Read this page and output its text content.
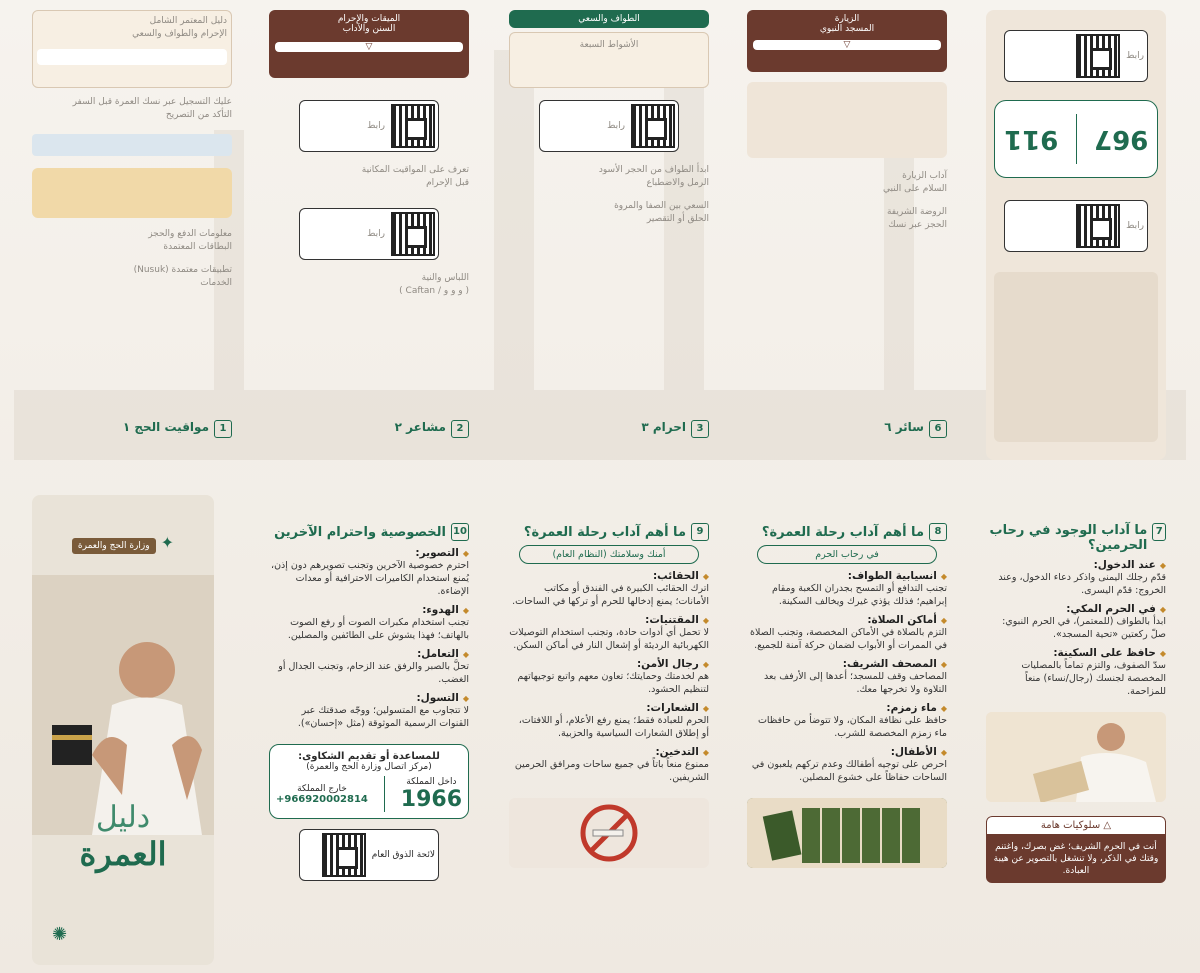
ﺩﻟﻴﻞ ﺍﻟﻤﻌﺘﻤﺮ ﺍﻟﺸﺎﻣﻞ
ﺍﻹﺣﺮﺍﻡ ﻭﺍﻟﻄﻮﺍﻑ ﻭﺍﻟﺴﻌﻲ
ﻋﻠﻴﻚ ﺍﻟﺘﺴﺠﻴﻞ ﻋﺒﺮ ﻧﺴﻚ ﺍﻟﻌﻤﺮﺓ ﻗﺒﻞ ﺍﻟﺴﻔﺮ
ﺍﻟﺘﺄﻛﺪ ﻣﻦ ﺍﻟﺘﺼﺮﻳﺢ
ﻣﻌﻠﻮﻣﺎﺕ ﺍﻟﺪﻓﻊ ﻭﺍﻟﺤﺠﺰ
ﺍﻟﺒﻄﺎﻗﺎﺕ ﺍﻟﻤﻌﺘﻤﺪﺓ
ﺗﻄﺒﻴﻘﺎﺕ ﻣﻌﺘﻤﺪﺓ (Nusuk)
ﺍﻟﺨﺪﻣﺎﺕ
1ﻣﻮﺍﻗﻴﺖ ﺍﻟﺤﺞ ١
ﺍﻟﻤﻴﻘﺎﺕ ﻭﺍﻹﺣﺮﺍﻡ
ﺍﻟﺴﻨﻦ ﻭﺍﻵﺩﺍﺏ
▽
ﺭﺍﺑﻂ
ﺗﻌﺮﻑ ﻋﻠﻰ ﺍﻟﻤﻮﺍﻗﻴﺖ ﺍﻟﻤﻜﺎﻧﻴﺔ
ﻗﺒﻞ ﺍﻹﺣﺮﺍﻡ
ﺭﺍﺑﻂ
ﺍﻟﻠﺒﺎﺱ ﻭﺍﻟﻨﻴﺔ
( ﻭ ﻭ ﻭ / Caftan )
2ﻣﺸﺎﻋﺮ ٢
ﺍﻟﻄﻮﺍﻑ ﻭﺍﻟﺴﻌﻲ
ﺍﻷﺷﻮﺍﻁ ﺍﻟﺴﺒﻌﺔ
ﺭﺍﺑﻂ
ﺍﺑﺪﺃ ﺍﻟﻄﻮﺍﻑ ﻣﻦ ﺍﻟﺤﺠﺮ ﺍﻷﺳﻮﺩ
ﺍﻟﺮﻣﻞ ﻭﺍﻻﺿﻄﺒﺎﻉ
ﺍﻟﺴﻌﻲ ﺑﻴﻦ ﺍﻟﺼﻔﺎ ﻭﺍﻟﻤﺮﻭﺓ
ﺍﻟﺤﻠﻖ ﺃﻭ ﺍﻟﺘﻘﺼﻴﺮ
3ﺍﺣﺮﺍﻡ ٣
ﺍﻟﺰﻳﺎﺭﺓ
ﺍﻟﻤﺴﺠﺪ ﺍﻟﻨﺒﻮﻱ
▽
ﺁﺩﺍﺏ ﺍﻟﺰﻳﺎﺭﺓ
ﺍﻟﺴﻼﻡ ﻋﻠﻰ ﺍﻟﻨﺒﻲ
ﺍﻟﺮﻭﺿﺔ ﺍﻟﺸﺮﻳﻔﺔ
ﺍﻟﺤﺠﺰ ﻋﺒﺮ ﻧﺴﻚ
6ﺳﺎﺋﺮ ٦
ﺭﺍﺑﻂ
967
911
ﺭﺍﺑﻂ
وزارة الحج والعمرة ✦
دليل
العمرة
✺
10
الخصوصية واحترام الآخرين
◆ التصوير:
احترم خصوصية الآخرين وتجنب تصويرهم دون إذن، يُمنع استخدام الكاميرات الاحترافية أو معدات الإضاءة.
◆ الهدوء:
تجنب استخدام مكبرات الصوت أو رفع الصوت بالهاتف؛ فهذا يشوش على الطائفين والمصلين.
◆ التعامل:
تحلَّ بالصبر والرفق عند الزحام، وتجنب الجدال أو الغضب.
◆ التسول:
لا تتجاوب مع المتسولين؛ ووجّه صدقتك عبر القنوات الرسمية الموثوقة (مثل «إحسان»).
للمساعدة أو تقديم الشكاوى:
(مركز اتصال وزارة الحج والعمرة)
داخل المملكة
1966
خارج المملكة
+966920002814
لائحة الذوق العام
9
ما أهم آداب رحلة العمرة؟
أمنك وسلامتك (النظام العام)
◆ الحقائب:
اترك الحقائب الكبيرة في الفندق أو مكاتب الأمانات؛ يمنع إدخالها للحرم أو تركها في الساحات.
◆ المقتنيات:
لا تحمل أي أدوات حادة، وتجنب استخدام التوصيلات الكهربائية الرديئة أو إشعال النار في أماكن السكن.
◆ رجال الأمن:
هم لخدمتك وحمايتك؛ تعاون معهم واتبع توجيهاتهم لتنظيم الحشود.
◆ الشعارات:
الحرم للعبادة فقط؛ يمنع رفع الأعلام، أو اللافتات، أو إطلاق الشعارات السياسية والحزبية.
◆ التدخين:
ممنوع منعاً باتاً في جميع ساحات ومرافق الحرمين الشريفين.
8
ما أهم آداب رحلة العمرة؟
في رحاب الحرم
◆ انسيابية الطواف:
تجنب التدافع أو التمسح بجدران الكعبة ومقام إبراهيم؛ فذلك يؤذي غيرك ويخالف السكينة.
◆ أماكن الصلاة:
التزم بالصلاة في الأماكن المخصصة، وتجنب الصلاة في الممرات أو الأبواب لضمان حركة آمنة للجميع.
◆ المصحف الشريف:
المصاحف وقف للمسجد؛ أعدها إلى الأرفف بعد التلاوة ولا تخرجها معك.
◆ ماء زمزم:
حافظ على نظافة المكان، ولا تتوضأ من حافظات ماء زمزم المخصصة للشرب.
◆ الأطفال:
احرص على توجيه أطفالك وعدم تركهم يلعبون في الساحات حفاظاً على خشوع المصلين.
7
ما آداب الوجود في رحاب الحرمين؟
◆ عند الدخول:
قدّم رجلك اليمنى واذكر دعاء الدخول، وعند الخروج: قدّم اليسرى.
◆ في الحرم المكي:
ابدأ بالطواف (للمعتمر)، في الحرم النبوي: صلّ ركعتين «تحية المسجد».
◆ حافظ على السكينة:
سدّ الصفوف، والتزم تماماً بالمصليات المخصصة لجنسك (رجال/نساء) منعاً للمزاحمة.
△ سلوكيات هامة
أنت في الحرم الشريف؛ غض بصرك، واغتنم وقتك في الذكر، ولا تنشغل بالتصوير عن هيبة العبادة.
